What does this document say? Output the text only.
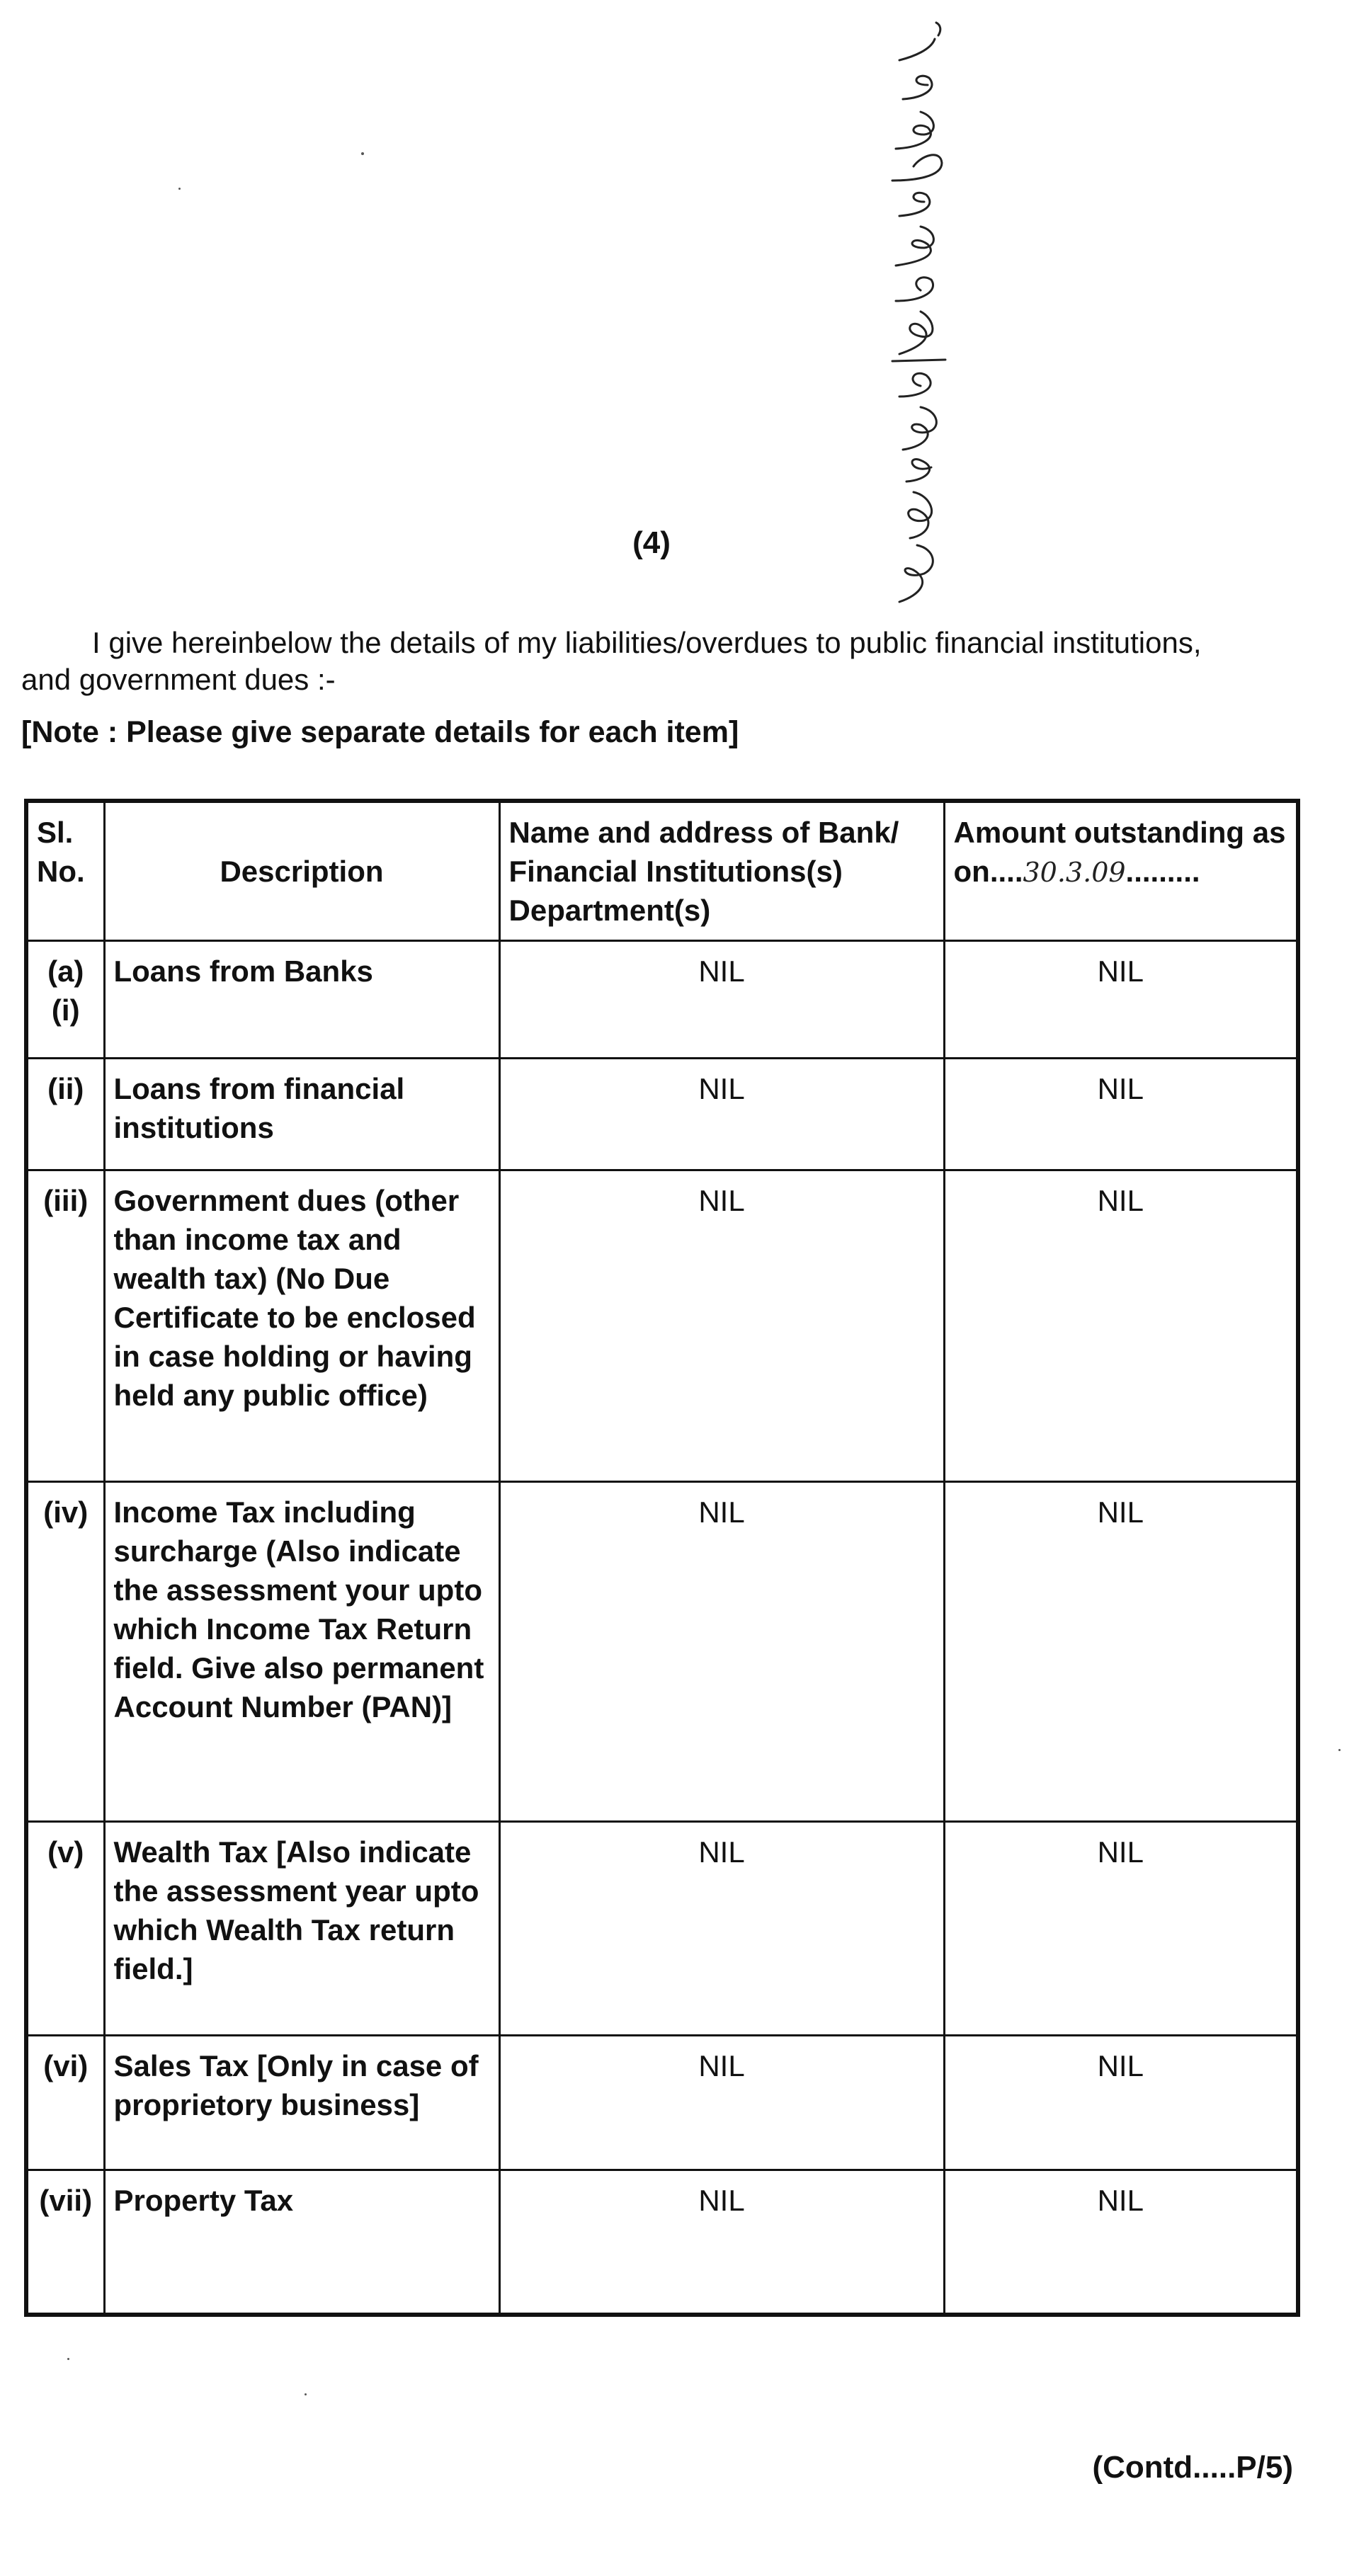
(4)
I give hereinbelow the details of my liabilities/overdues to public financial institutions,
and government dues :-
[Note : Please give separate details for each item]
Sl. No.	Description	Name and address of Bank/ Financial Institutions(s) Department(s)	Amount outstanding as on....30.3.09.........
(a) (i)	Loans from Banks	NIL	NIL
(ii)	Loans from financial institutions	NIL	NIL
(iii)	Government dues (other than income tax and wealth tax) (No Due Certificate to be enclosed in case holding or having held any public office)	NIL	NIL
(iv)	Income Tax including surcharge (Also indicate the assessment your upto which Income Tax Return field. Give also permanent Account Number (PAN)]	NIL	NIL
(v)	Wealth Tax [Also indicate the assessment year upto which Wealth Tax return field.]	NIL	NIL
(vi)	Sales Tax [Only in case of proprietory business]	NIL	NIL
(vii)	Property Tax	NIL	NIL
(Contd.....P/5)
